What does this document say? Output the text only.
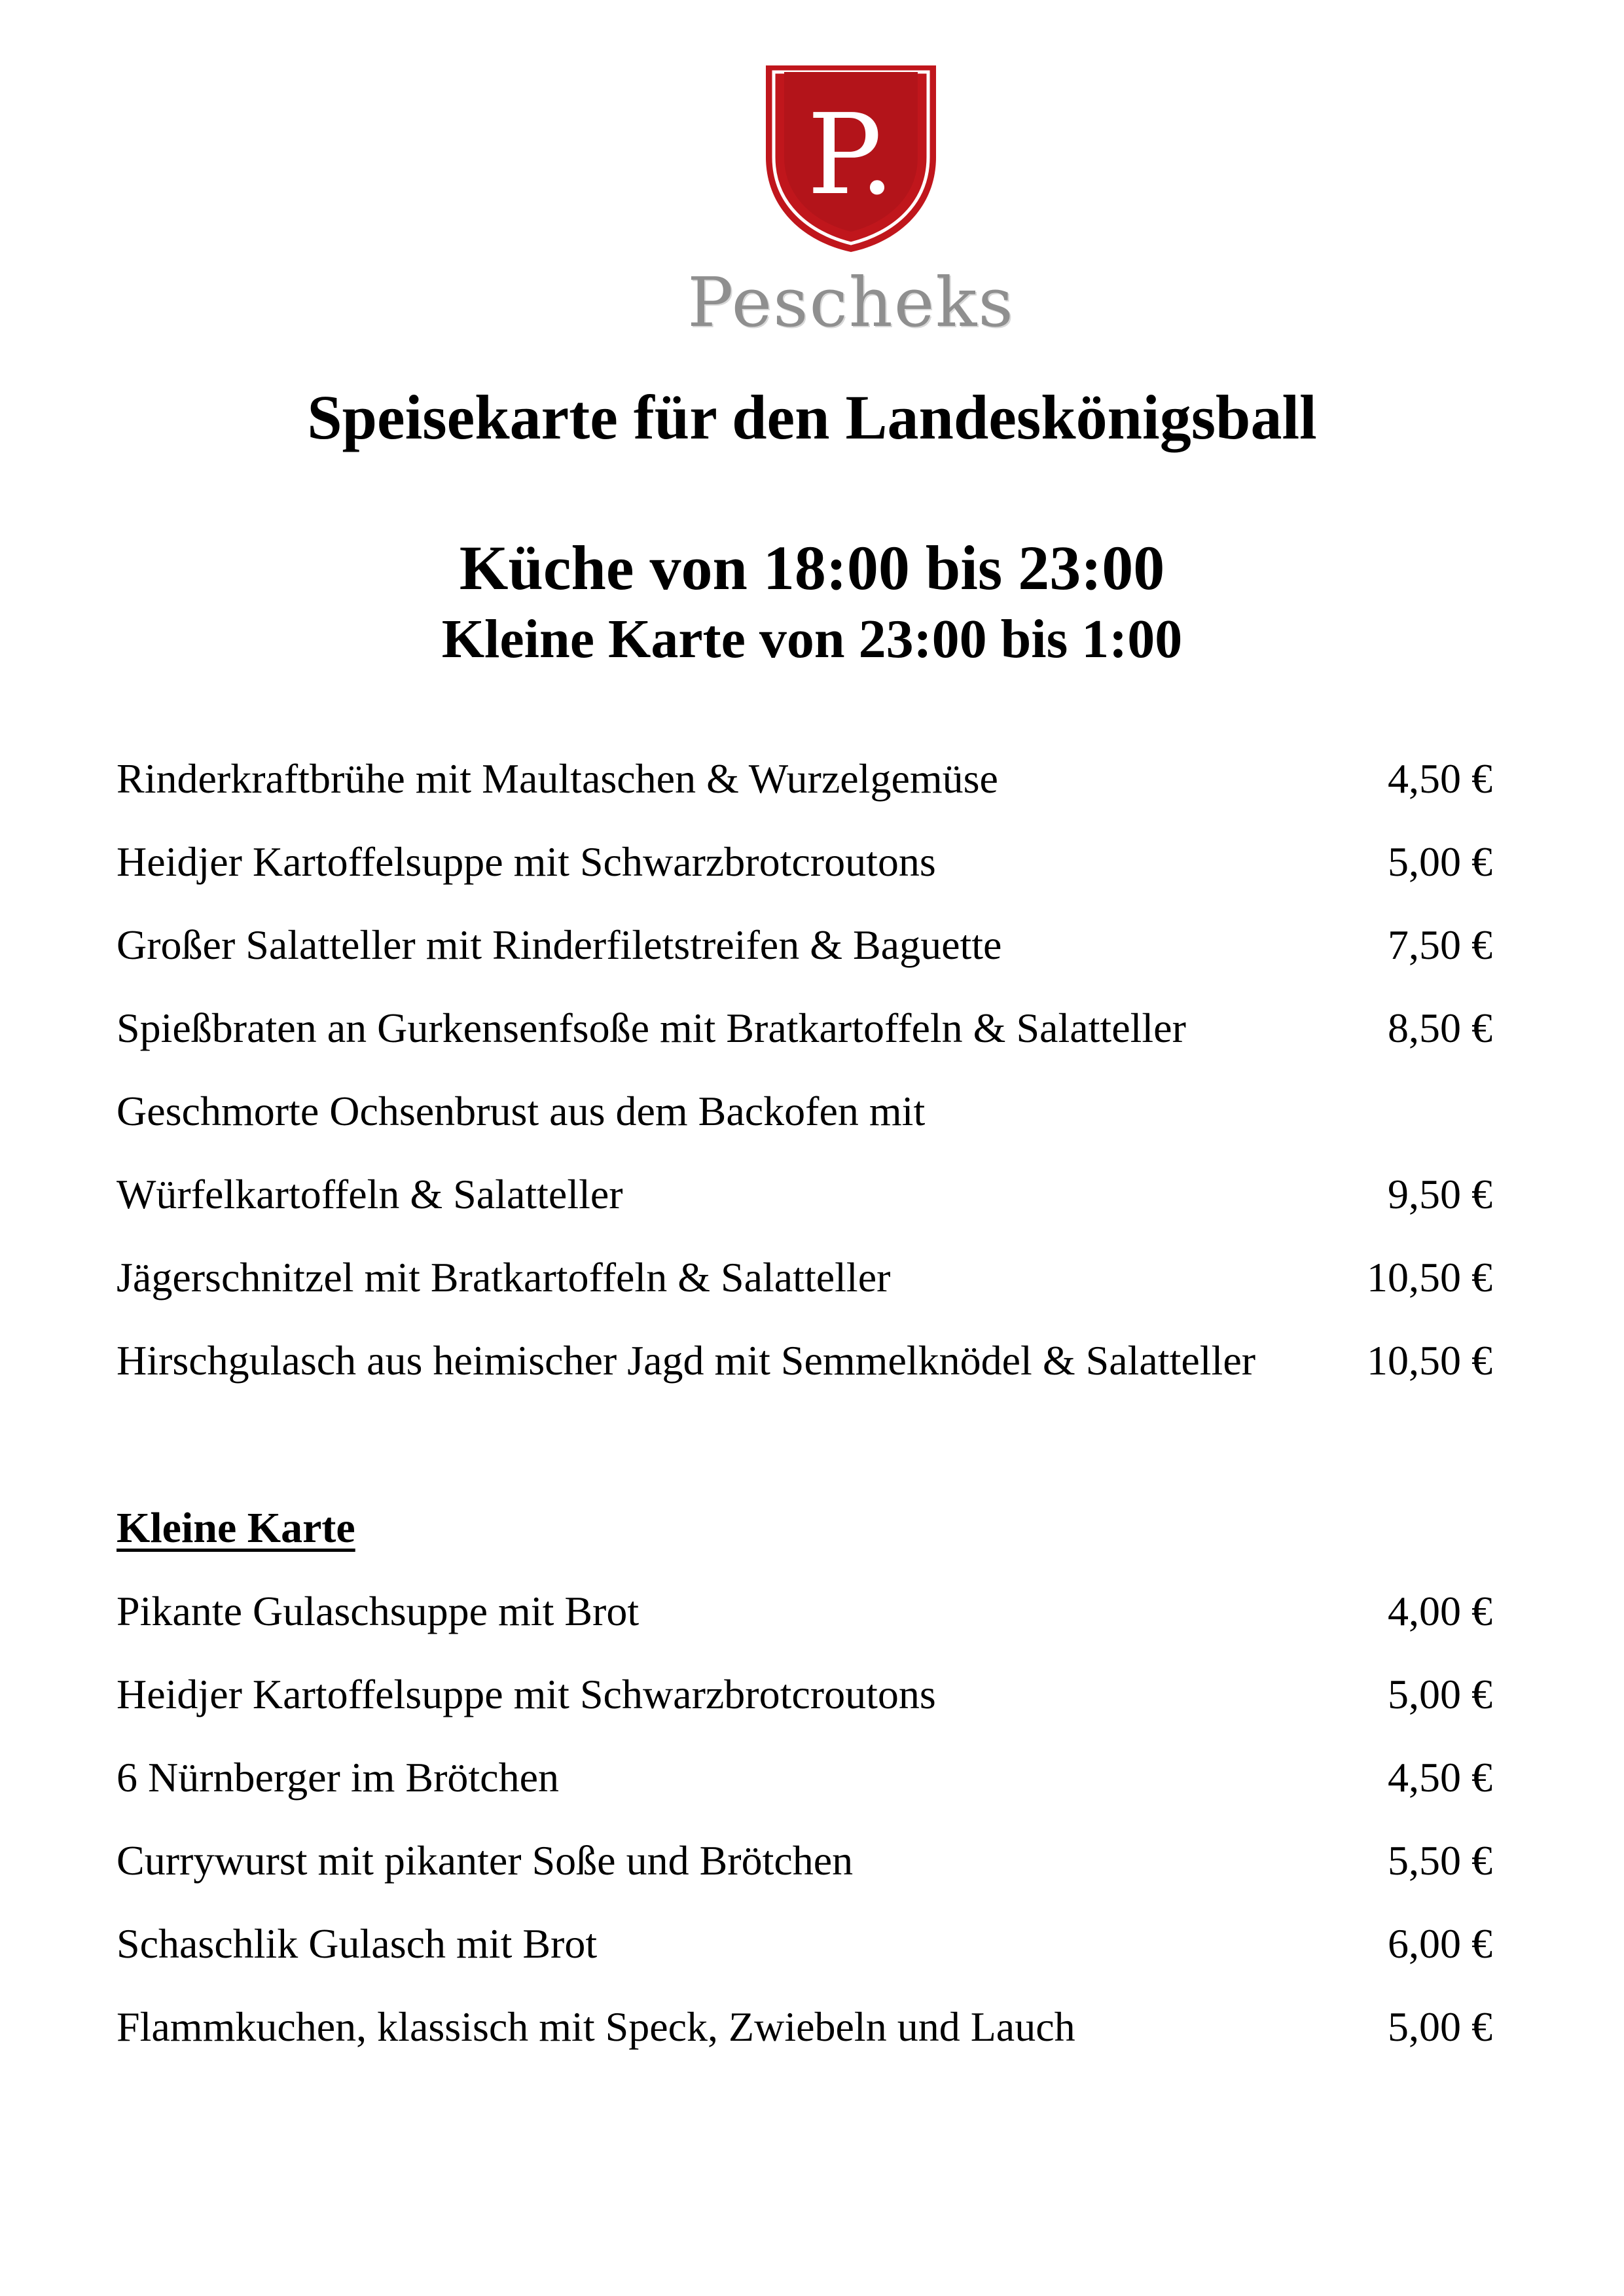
P.
Pescheks
Speisekarte für den Landeskönigsball
Küche von 18:00 bis 23:00
Kleine Karte von 23:00 bis 1:00
Rinderkraftbrühe mit Maultaschen & Wurzelgemüse	4,50 €
Heidjer Kartoffelsuppe mit Schwarzbrotcroutons	5,00 €
Großer Salatteller mit Rinderfiletstreifen & Baguette	7,50 €
Spießbraten an Gurkensenfsoße mit Bratkartoffeln & Salatteller	8,50 €
Geschmorte Ochsenbrust aus dem Backofen mit
Würfelkartoffeln & Salatteller	9,50 €
Jägerschnitzel mit Bratkartoffeln & Salatteller	10,50 €
Hirschgulasch aus heimischer Jagd mit Semmelknödel & Salatteller	10,50 €
Kleine Karte
Pikante Gulaschsuppe mit Brot	4,00 €
Heidjer Kartoffelsuppe mit Schwarzbrotcroutons	5,00 €
6 Nürnberger im Brötchen	4,50 €
Currywurst mit pikanter Soße und Brötchen	5,50 €
Schaschlik Gulasch mit Brot	6,00 €
Flammkuchen, klassisch mit Speck, Zwiebeln und Lauch	5,00 €
